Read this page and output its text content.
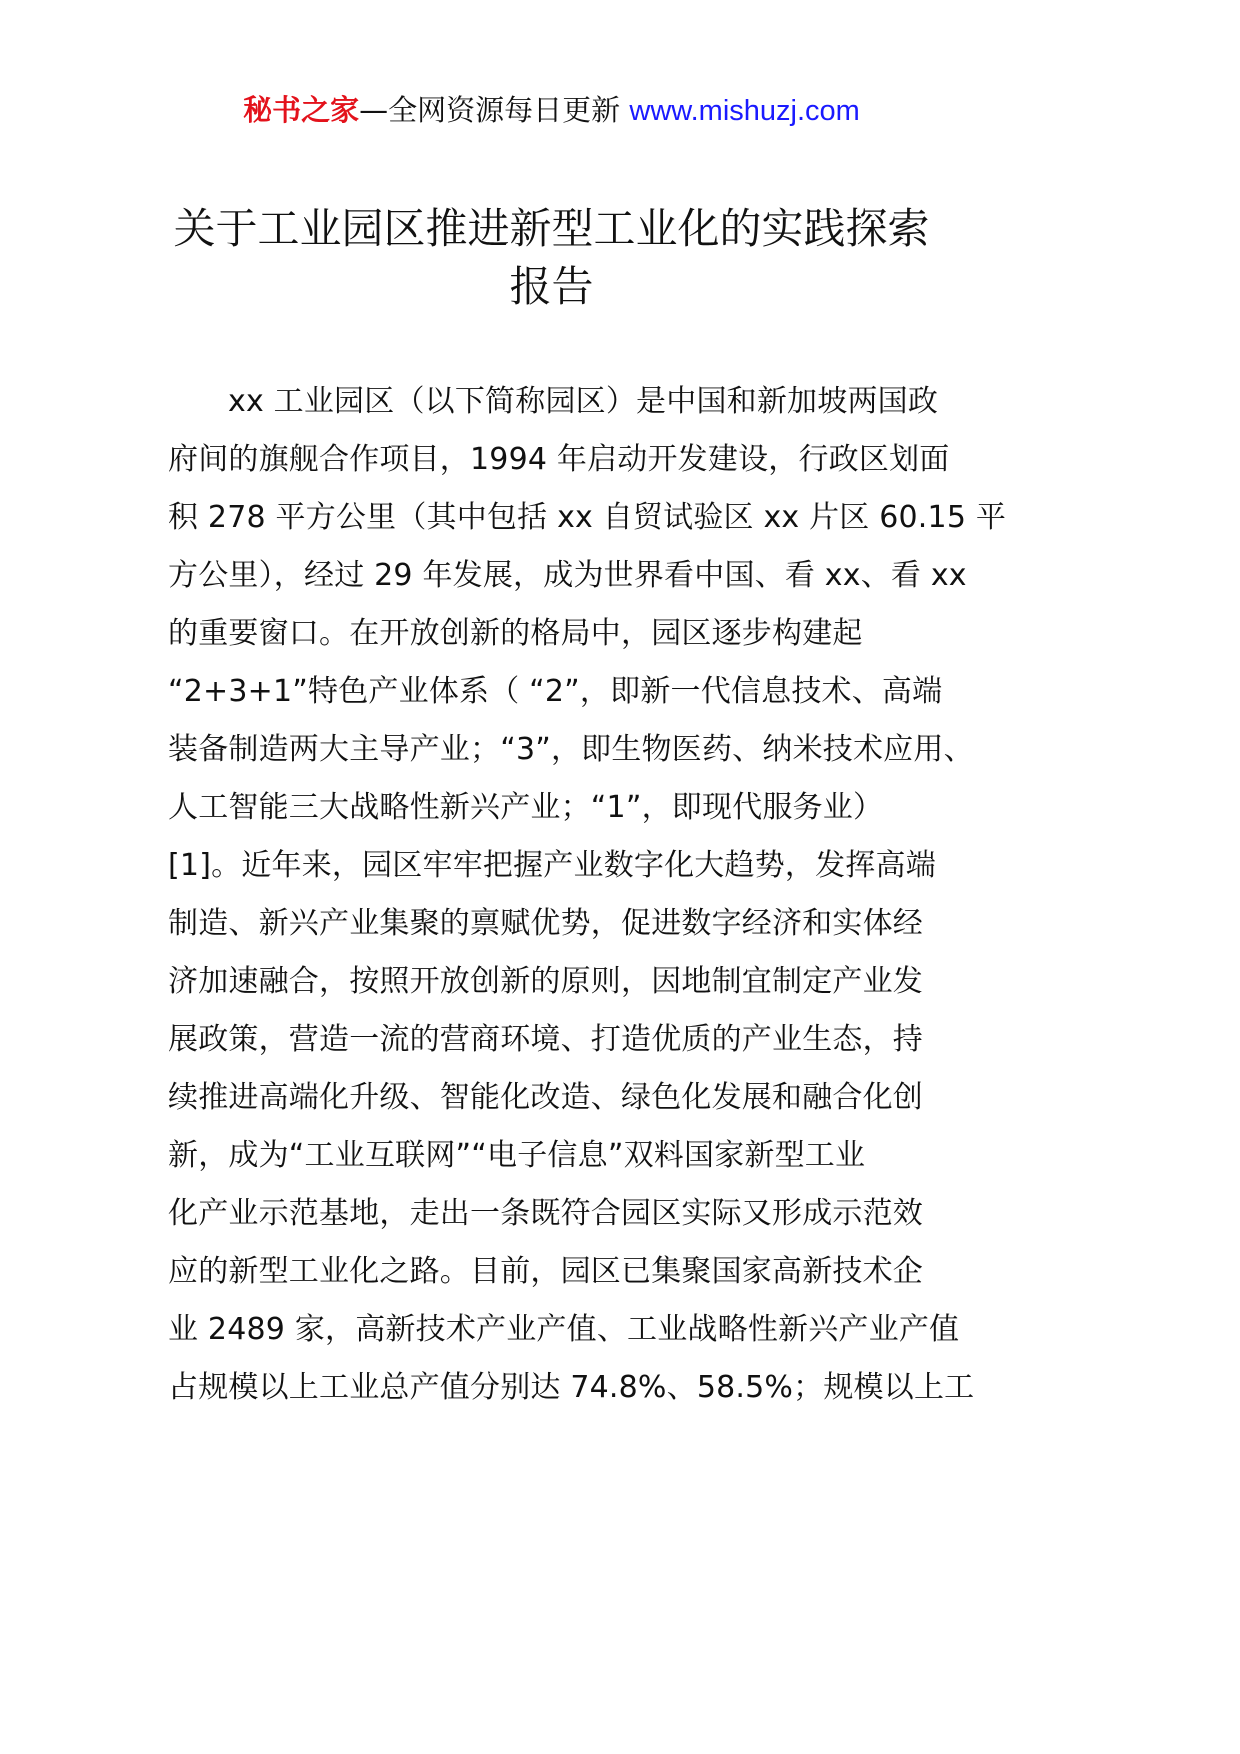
秘书之家—全网资源每日更新 www.mishuzj.com
关于工业园区推进新型工业化的实践探索
报告
xx 工业园区（以下简称园区）是中国和新加坡两国政
府间的旗舰合作项目，1994 年启动开发建设，行政区划面
积 278 平方公里（其中包括 xx 自贸试验区 xx 片区 60.15 平
方公里），经过 29 年发展，成为世界看中国、看 xx、看 xx
的重要窗口。在开放创新的格局中，园区逐步构建起
“2+3+1”特色产业体系（ “2”，即新一代信息技术、高端
装备制造两大主导产业；“3”，即生物医药、纳米技术应用、
人工智能三大战略性新兴产业；“1”，即现代服务业）
[1]。近年来，园区牢牢把握产业数字化大趋势，发挥高端
制造、新兴产业集聚的禀赋优势，促进数字经济和实体经
济加速融合，按照开放创新的原则，因地制宜制定产业发
展政策，营造一流的营商环境、打造优质的产业生态，持
续推进高端化升级、智能化改造、绿色化发展和融合化创
新，成为“工业互联网”“电子信息”双料国家新型工业
化产业示范基地，走出一条既符合园区实际又形成示范效
应的新型工业化之路。目前，园区已集聚国家高新技术企
业 2489 家，高新技术产业产值、工业战略性新兴产业产值
占规模以上工业总产值分别达 74.8%、58.5%；规模以上工
